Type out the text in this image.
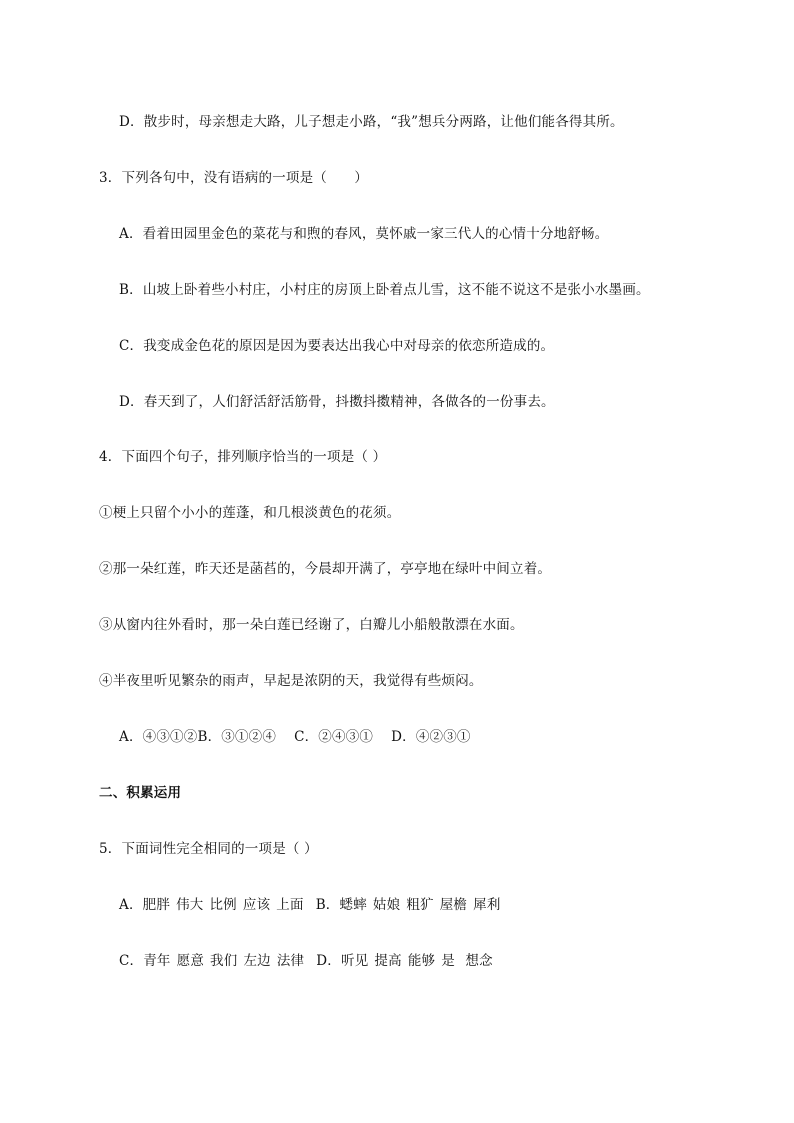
D．散步时，母亲想走大路，儿子想走小路，“我”想兵分两路，让他们能各得其所。
3．下列各句中，没有语病的一项是（　　）
A．看着田园里金色的菜花与和煦的春风，莫怀戚一家三代人的心情十分地舒畅。
B．山坡上卧着些小村庄，小村庄的房顶上卧着点儿雪，这不能不说这不是张小水墨画。
C．我变成金色花的原因是因为要表达出我心中对母亲的依恋所造成的。
D．春天到了，人们舒活舒活筋骨，抖擞抖擞精神，各做各的一份事去。
4．下面四个句子，排列顺序恰当的一项是（ ）
①梗上只留个小小的莲蓬，和几根淡黄色的花须。
②那一朵红莲，昨天还是菡萏的，今晨却开满了，亭亭地在绿叶中间立着。
③从窗内往外看时，那一朵白莲已经谢了，白瓣儿小船般散漂在水面。
④半夜里听见繁杂的雨声，早起是浓阴的天，我觉得有些烦闷。
A．④③①②B．③①②④ C．②④③① D．④②③①
二、积累运用
5．下面词性完全相同的一项是（ ）
A．肥胖 伟大 比例 应该 上面 B．蟋蟀 姑娘 粗犷 屋檐 犀利
C．青年 愿意 我们 左边 法律 D．听见 提高 能够 是 想念
